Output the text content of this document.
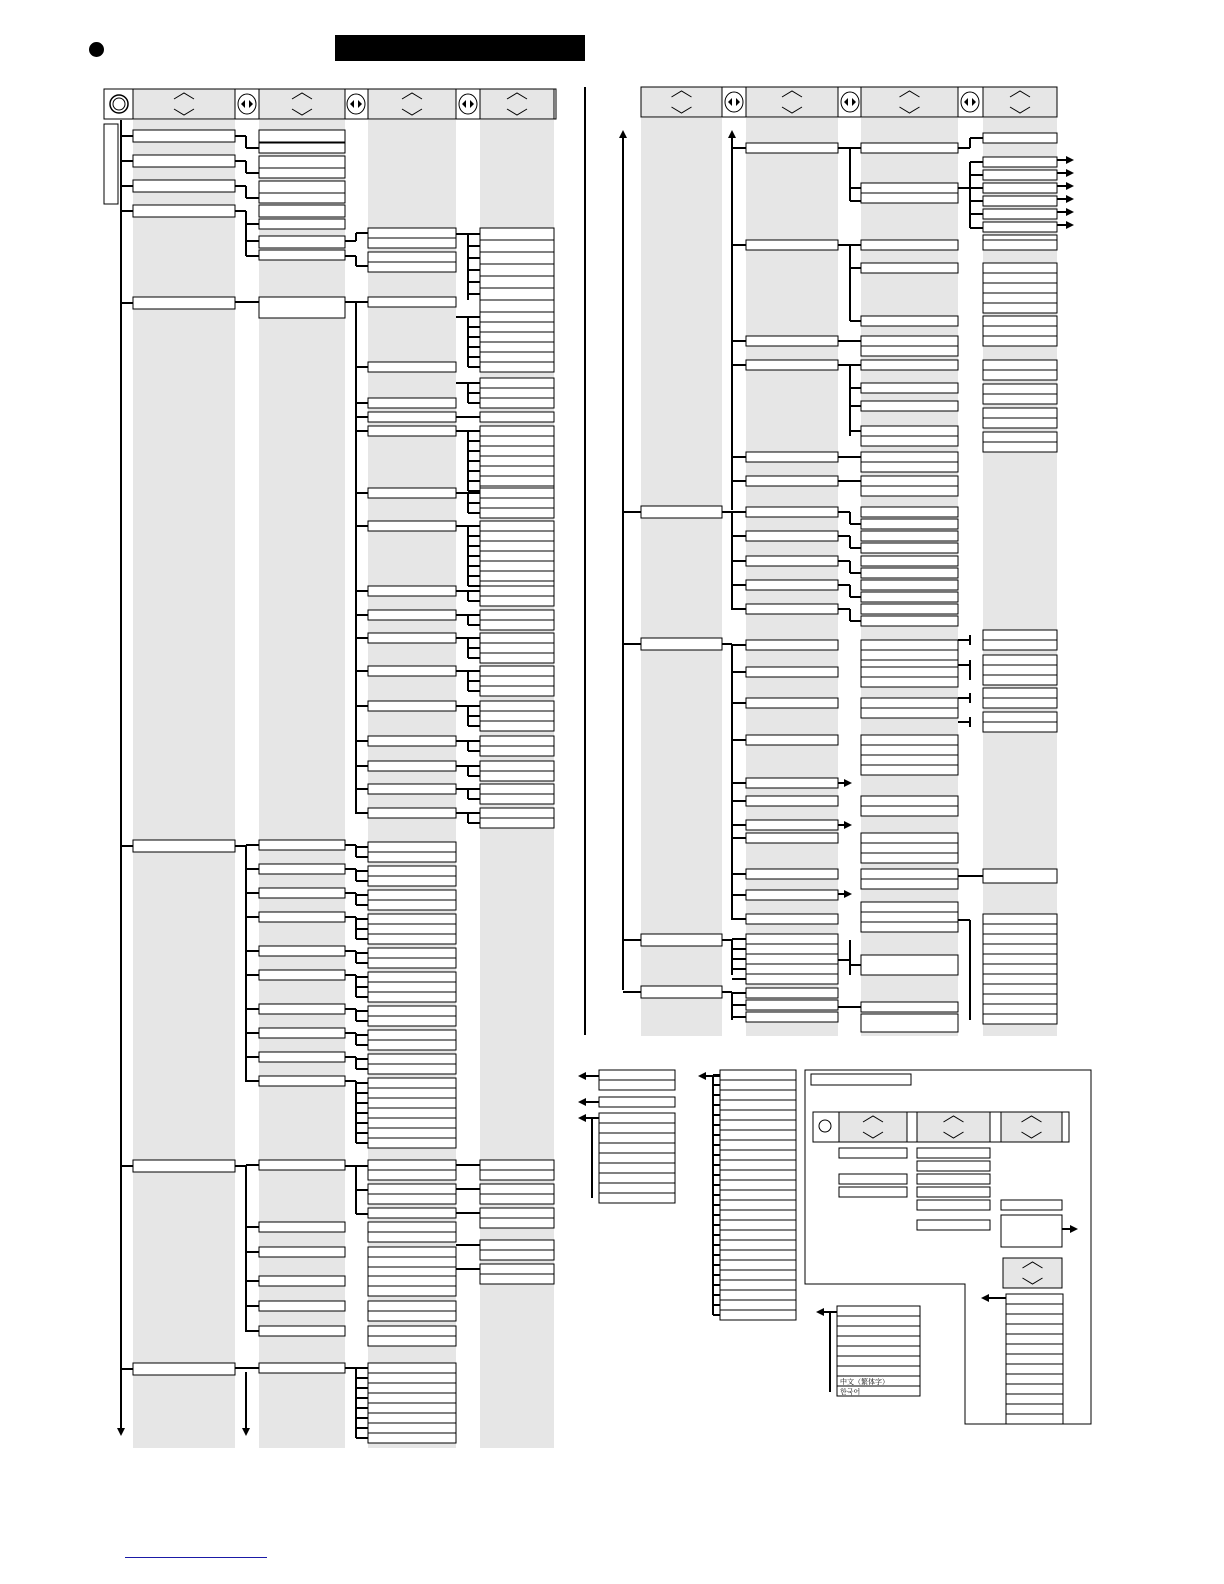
中文（繁体字）
한국어
